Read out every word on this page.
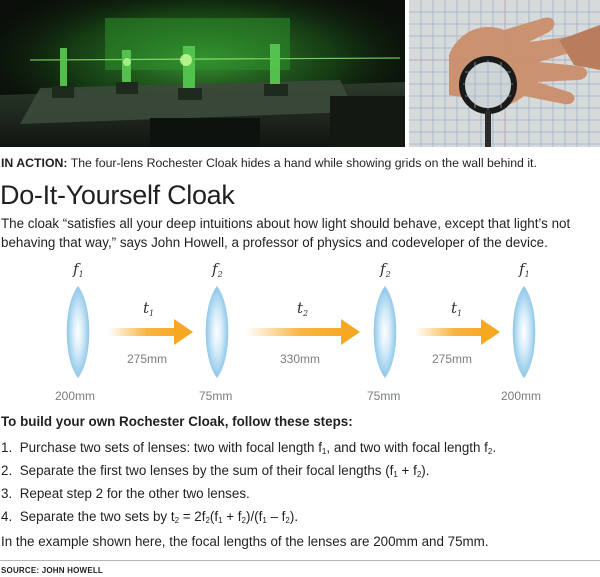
IN ACTION: The four-lens Rochester Cloak hides a hand while showing grids on the wall behind it.

Do-It-Yourself Cloak

The cloak “satisfies all your deep intuitions about how light should behave, except that light’s not behaving that way,” says John Howell, a professor of physics and codeveloper of the device.

$f_1$	$f_2$	$f_2$	$f_1$
$t_1$	$t_2$	$t_1$
275mm	330mm	275mm
200mm	75mm	75mm	200mm
To build your own Rochester Cloak, follow these steps:
1. Purchase two sets of lenses: two with focal length $f_1$, and two with focal length $f_2$.
2. Separate the first two lenses by the sum of their focal lengths $(f_1 + f_2)$.
3. Repeat step 2 for the other two lenses.
4. Separate the two sets by $t_2 = 2f_2(f_1 + f_2)/(f_1 - f_2)$.

In the example shown here, the focal lengths of the lenses are 200mm and 75mm.

SOURCE: JOHN HOWELL
